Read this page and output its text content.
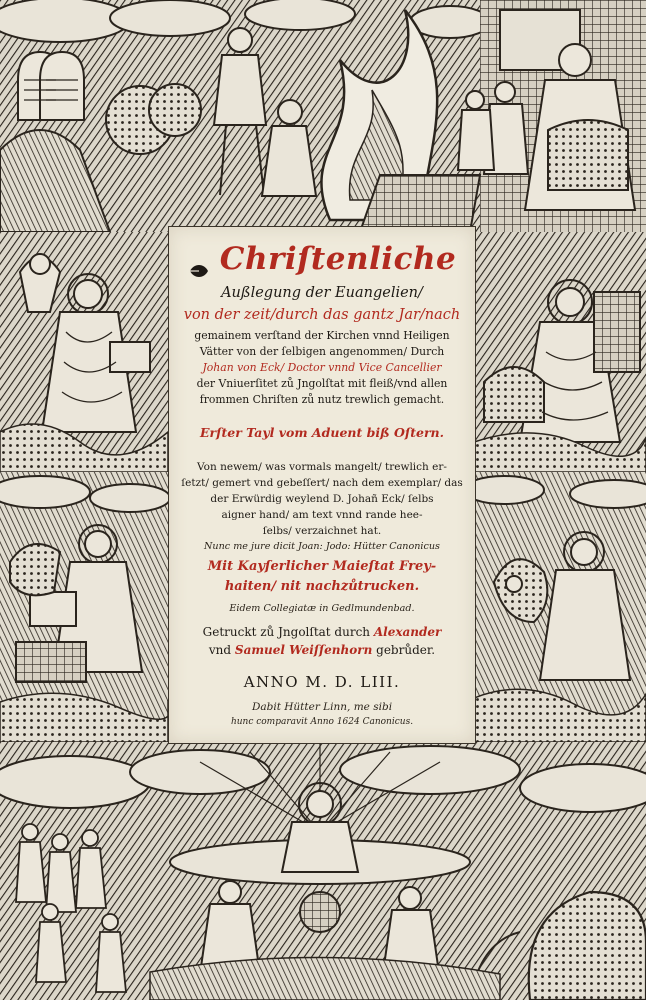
Chriſtenliche
Außlegung der Euangelien/
von der zeit/durch das gantz Jar/nach
gemainem verſtand der Kirchen vnnd Heiligen
Vätter von der ſelbigen angenommen/ Durch
Johan von Eck/ Doctor vnnd Vice Cancellier
der Vniuerſitet zů Jngolſtat mit fleiß/vnd allen
frommen Chriſten zů nutz trewlich gemacht.
Erſter Tayl vom Aduent biß Oſtern.
Von newem/ was vormals mangelt/ trewlich er-
ſetzt/ gemert vnd gebeſſert/ nach dem exemplar/ das
der Erwürdig weylend D. Johañ Eck/ ſelbs
aigner hand/ am text vnnd rande hee-
ſelbs/ verzaichnet hat.
Nunc me jure dicit Joan: Jodo: Hütter Canonicus
Mit Kayſerlicher Maieſtat Frey-
haiten/ nit nachzůtrucken.
Eidem Collegiatæ in Gedlmundenbad.
Getruckt zů Jngolſtat durch Alexander
vnd Samuel Weiſſenhorn gebrůder.
ANNO M. D. LIII.
Dabit Hütter Linn, me sibi
hunc comparavit Anno 1624 Canonicus.
